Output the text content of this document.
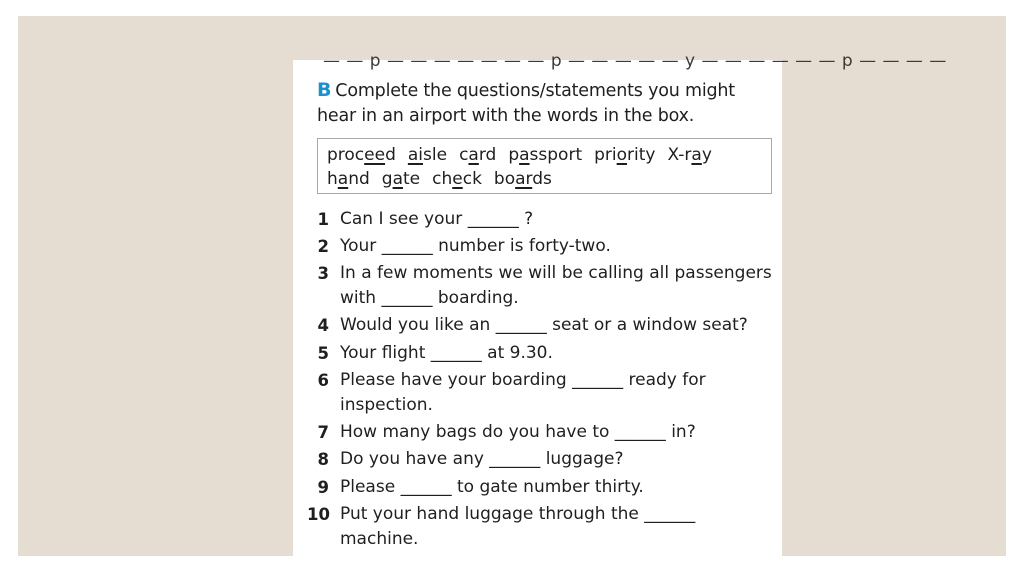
— — p — — — — — — — p — — — — — y — — — — — — p — — — —
B Complete the questions/statements you might hear in an airport with the words in the box.
proceed aisle card passport priority X-ray
hand gate check boards
1 Can I see your ______ ?
2 Your ______ number is forty-two.
3 In a few moments we will be calling all passengers
with ______ boarding.
4 Would you like an ______ seat or a window seat?
5 Your flight ______ at 9.30.
6 Please have your boarding ______ ready for
inspection.
7 How many bags do you have to ______ in?
8 Do you have any ______ luggage?
9 Please ______ to gate number thirty.
10 Put your hand luggage through the ______
machine.
